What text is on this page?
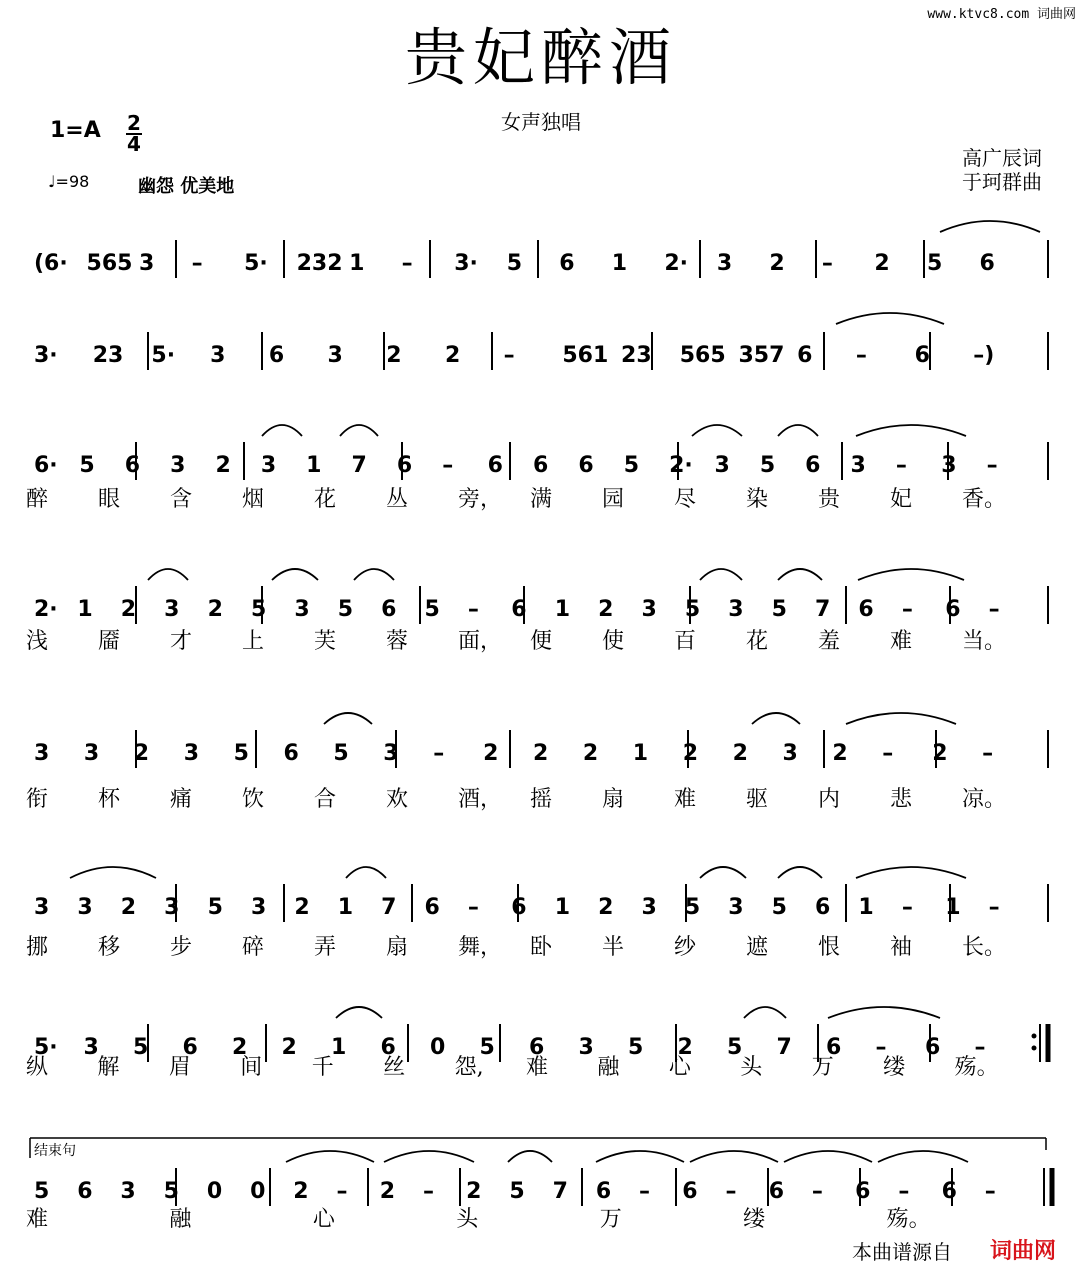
www.ktvc8.com 词曲网
贵妃醉酒
女声独唱
$1=A \frac{2}{4}$
♩=98	幽怨 优美地
高广辰词
于珂群曲
结束句
本曲谱源自 词曲网
(6· 565 3 – 5· 232 1 – 3· 5 6 1 2· 3 2 – 2 5 6
3· 23 5· 3 6 3 2 2 – 561 23 565 357 6 – 6 –)
6· 5 6 3 2 3 1 7 6 – 6 6 6 5 2· 3 5 6 3 – 3 –
醉 眼 含 烟 花 丛 旁， 满 园 尽 染 贵 妃 香。
2· 1 2 3 2 5 3 5 6 5 – 6 1 2 3 5 3 5 7 6 – 6 –
浅 靥 才 上 芙 蓉 面， 便 使 百 花 羞 难 当。
3 3 2 3 5 6 5 3 – 2 2 2 1 2 2 3 2 – 2 –
衔 杯 痛 饮 合 欢 酒， 摇 扇 难 驱 内 悲 凉。
3 3 2 3 5 3 2 1 7 6 – 6 1 2 3 5 3 5 6 1 – 1 –
挪 移 步 碎 弄 扇 舞， 卧 半 纱 遮 恨 袖 长。
5· 3 5 6 2 2 1 6 0 5 6 3 5 2 5 7 6 – 6 –
纵 解 眉 间 千 丝 怨, 难 融 心 头 万 缕 殇。
5 6 3 5 0 0 2 – 2 – 2 5 7 6 – 6 – 6 – 6 – 6 –
难	融	心	头	万	缕	殇。
